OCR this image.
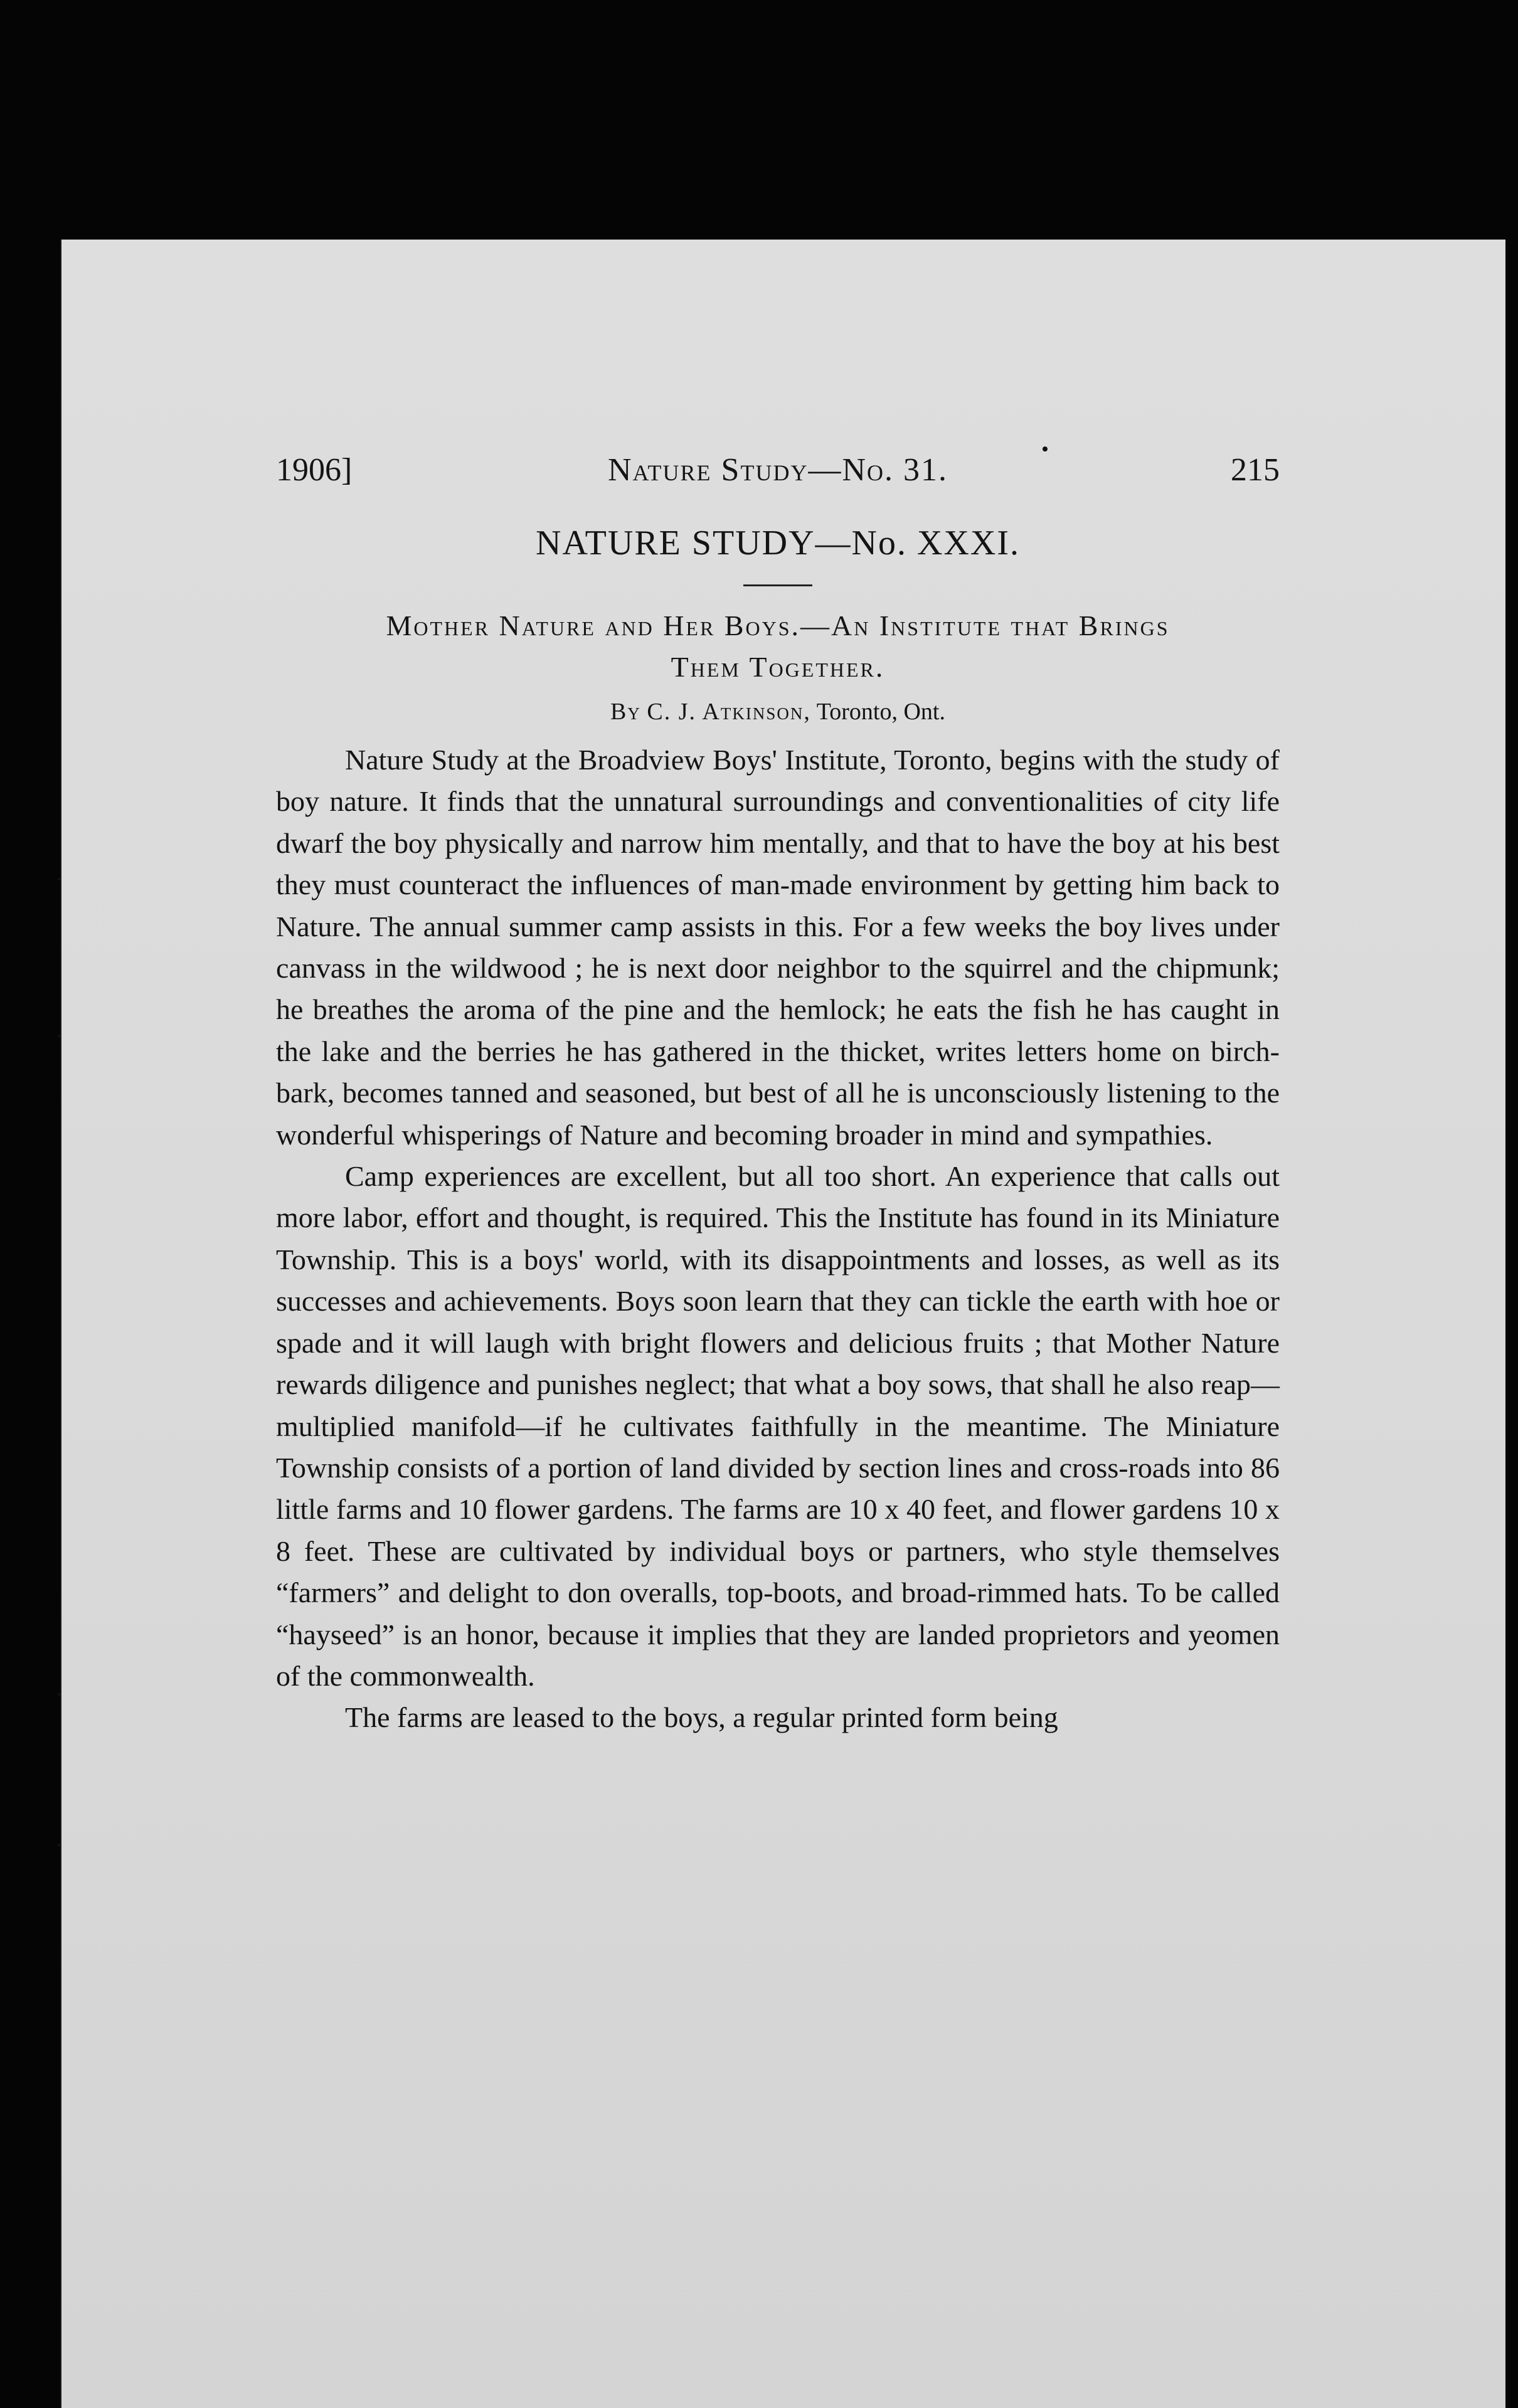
1906]	Nature Study—No. 31.	215
NATURE STUDY—No. XXXI.
Mother Nature and Her Boys.—An Institute that Brings
Them Together.
By C. J. Atkinson, Toronto, Ont.

Nature Study at the Broadview Boys' Institute, Toronto, begins with the study of boy nature. It finds that the unnatural surroundings and conventionalities of city life dwarf the boy physically and narrow him mentally, and that to have the boy at his best they must counteract the influences of man-made environment by getting him back to Nature. The annual summer camp assists in this. For a few weeks the boy lives under canvass in the wildwood ; he is next door neighbor to the squirrel and the chipmunk; he breathes the aroma of the pine and the hemlock; he eats the fish he has caught in the lake and the berries he has gathered in the thicket, writes letters home on birch-bark, becomes tanned and seasoned, but best of all he is unconsciously listening to the wonderful whisperings of Nature and becoming broader in mind and sympathies.

Camp experiences are excellent, but all too short. An experience that calls out more labor, effort and thought, is required. This the Institute has found in its Miniature Township. This is a boys' world, with its disappointments and losses, as well as its successes and achievements. Boys soon learn that they can tickle the earth with hoe or spade and it will laugh with bright flowers and delicious fruits ; that Mother Nature rewards diligence and punishes neglect; that what a boy sows, that shall he also reap—multiplied manifold—if he cultivates faithfully in the meantime. The Miniature Township consists of a portion of land divided by section lines and cross-roads into 86 little farms and 10 flower gardens. The farms are 10 x 40 feet, and flower gardens 10 x 8 feet. These are cultivated by individual boys or partners, who style themselves “farmers” and delight to don overalls, top-boots, and broad-rimmed hats. To be called “hayseed” is an honor, because it implies that they are landed proprietors and yeomen of the commonwealth.

The farms are leased to the boys, a regular printed form being
